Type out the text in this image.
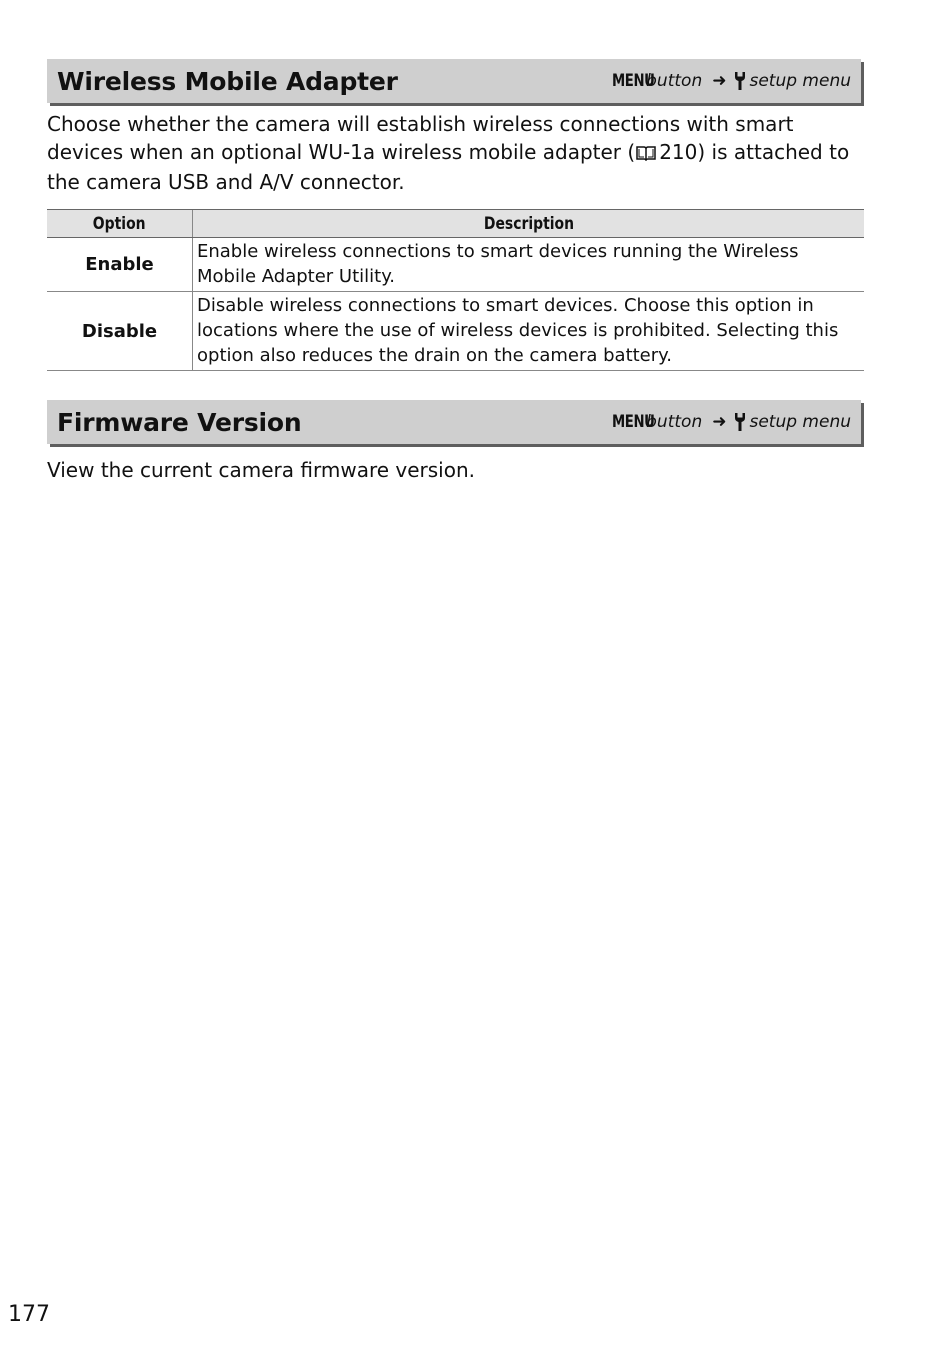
Wireless Mobile Adapter	MENU
button ➜ setup menu
Choose whether the camera will establish wireless connections with smart devices when an optional WU-1a wireless mobile adapter (  210) is attached to the camera USB and A/V connector.
Option	Description
Enable	Enable wireless connections to smart devices running the Wireless Mobile Adapter Utility.
Disable	Disable wireless connections to smart devices. Choose this option in locations where the use of wireless devices is prohibited. Selecting this option also reduces the drain on the camera battery.
Firmware Version	MENU
button ➜ setup menu
View the current camera firmware version.
177
